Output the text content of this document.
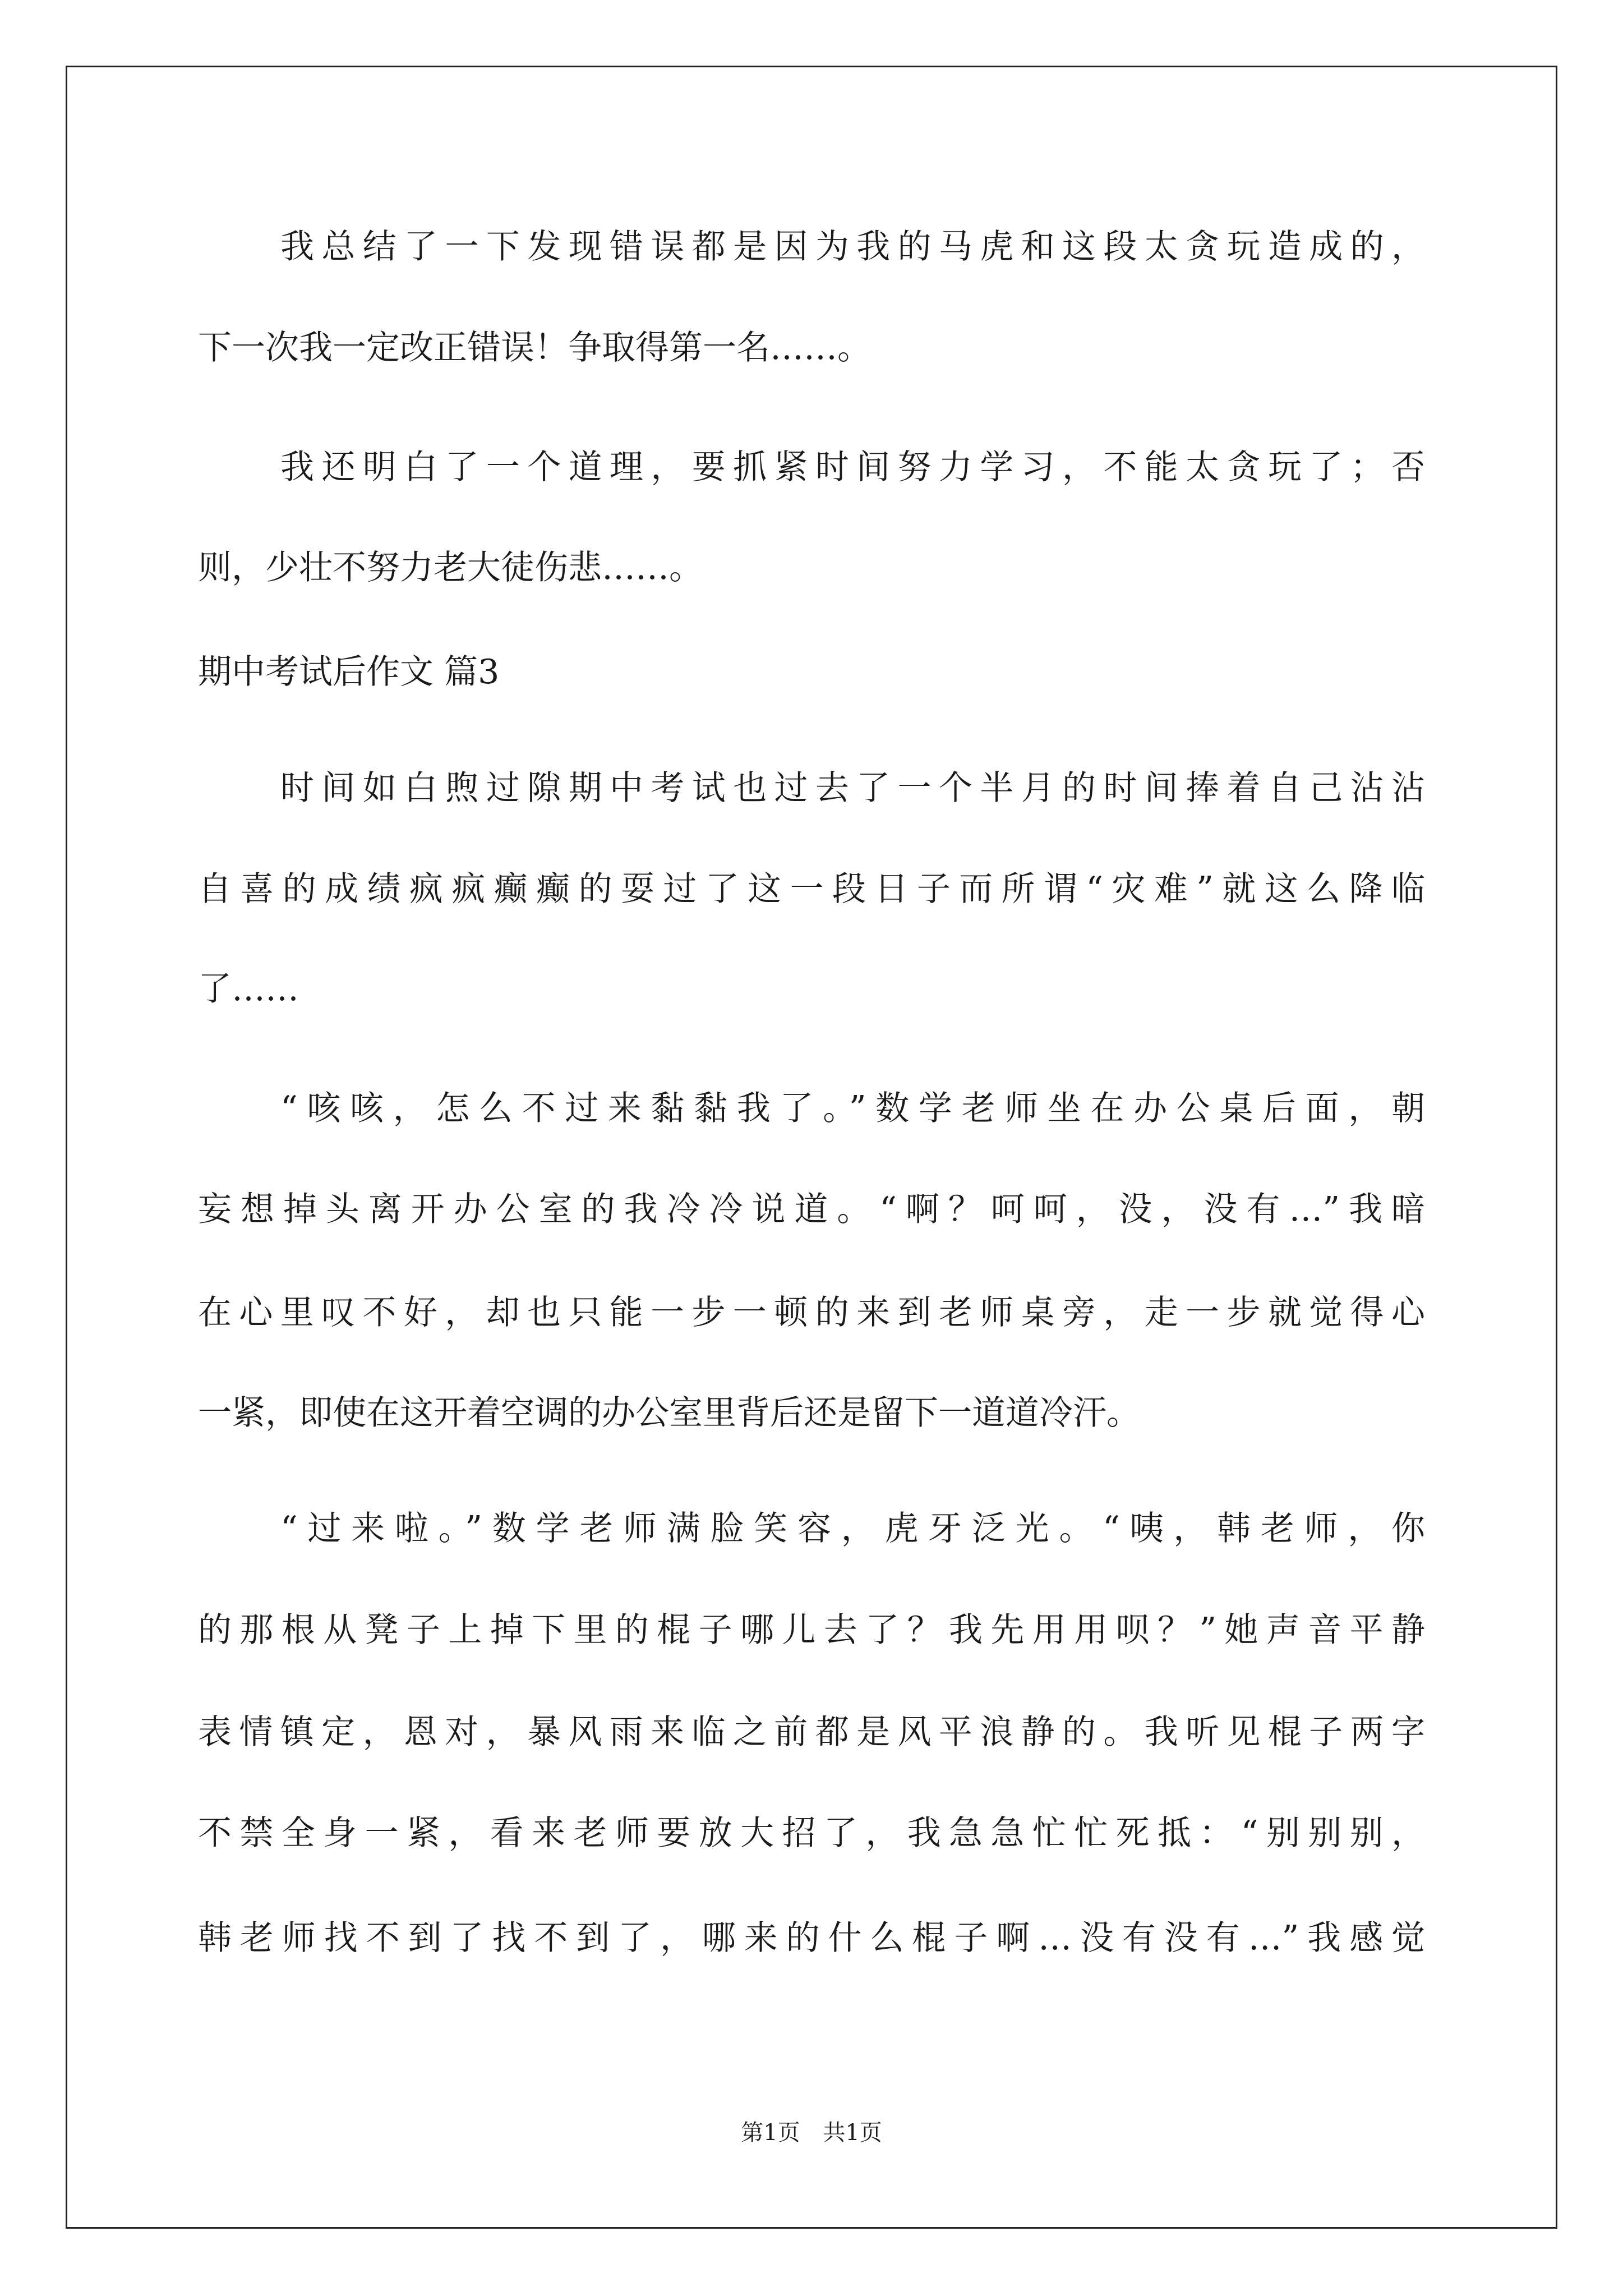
我总结了一下发现错误都是因为我的马虎和这段太贪玩造成的，
下一次我一定改正错误！争取得第一名……。
我还明白了一个道理，要抓紧时间努力学习，不能太贪玩了；否
则，少壮不努力老大徒伤悲……。
期中考试后作文 篇3
时间如白煦过隙期中考试也过去了一个半月的时间捧着自己沾沾
自喜的成绩疯疯癫癫的耍过了这一段日子而所谓“灾难”就这么降临
了……
“咳咳，怎么不过来黏黏我了。”数学老师坐在办公桌后面，朝
妄想掉头离开办公室的我冷冷说道。“啊？呵呵，没，没有…”我暗
在心里叹不好，却也只能一步一顿的来到老师桌旁，走一步就觉得心
一紧，即使在这开着空调的办公室里背后还是留下一道道冷汗。
“过来啦。”数学老师满脸笑容，虎牙泛光。“咦，韩老师，你
的那根从凳子上掉下里的棍子哪儿去了？我先用用呗？”她声音平静
表情镇定，恩对，暴风雨来临之前都是风平浪静的。我听见棍子两字
不禁全身一紧，看来老师要放大招了，我急急忙忙死抵：“别别别，
韩老师找不到了找不到了，哪来的什么棍子啊…没有没有…”我感觉
第1页 共1页
